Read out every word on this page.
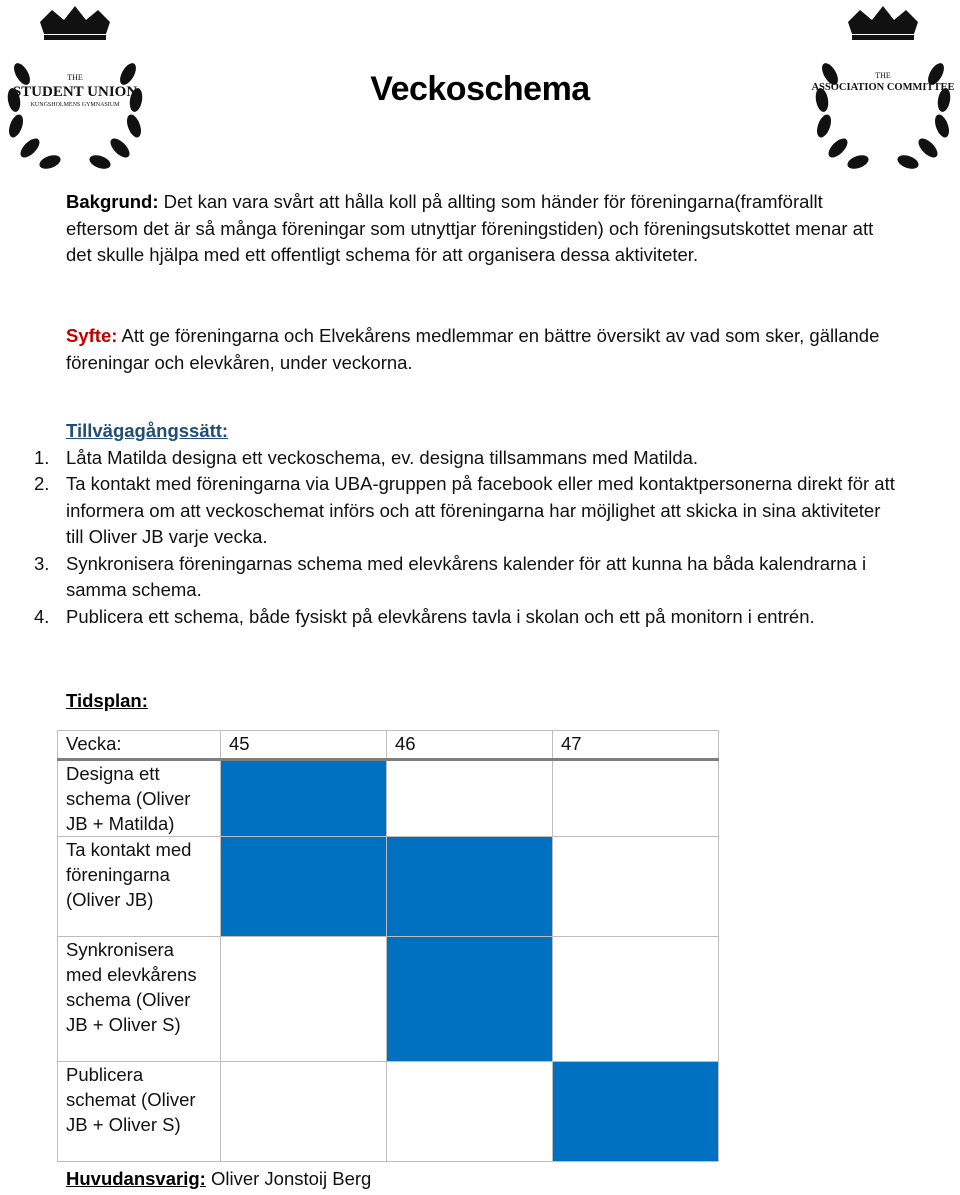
THE
STUDENT UNION
KUNGSHOLMENS GYMNASIUM
THE
ASSOCIATION COMMITTEE
Veckoschema
Bakgrund: Det kan vara svårt att hålla koll på allting som händer för föreningarna(framförallt eftersom det är så många föreningar som utnyttjar föreningstiden) och föreningsutskottet menar att det skulle hjälpa med ett offentligt schema för att organisera dessa aktiviteter.
Syfte: Att ge föreningarna och Elvekårens medlemmar en bättre översikt av vad som sker, gällande föreningar och elevkåren, under veckorna.
Tillvägagångssätt:
1. Låta Matilda designa ett veckoschema, ev. designa tillsammans med Matilda.
2. Ta kontakt med föreningarna via UBA-gruppen på facebook eller med kontaktpersonerna direkt för att informera om att veckoschemat införs och att föreningarna har möjlighet att skicka in sina aktiviteter till Oliver JB varje vecka.
3. Synkronisera föreningarnas schema med elevkårens kalender för att kunna ha båda kalendrarna i samma schema.
4. Publicera ett schema, både fysiskt på elevkårens tavla i skolan och ett på monitorn i entrén.
Tidsplan:
Vecka:	45	46	47
Designa ett schema (Oliver JB + Matilda)			
Ta kontakt med föreningarna (Oliver JB)			
Synkronisera med elevkårens schema (Oliver JB + Oliver S)			
Publicera schemat (Oliver JB + Oliver S)			
Huvudansvarig: Oliver Jonstoij Berg
